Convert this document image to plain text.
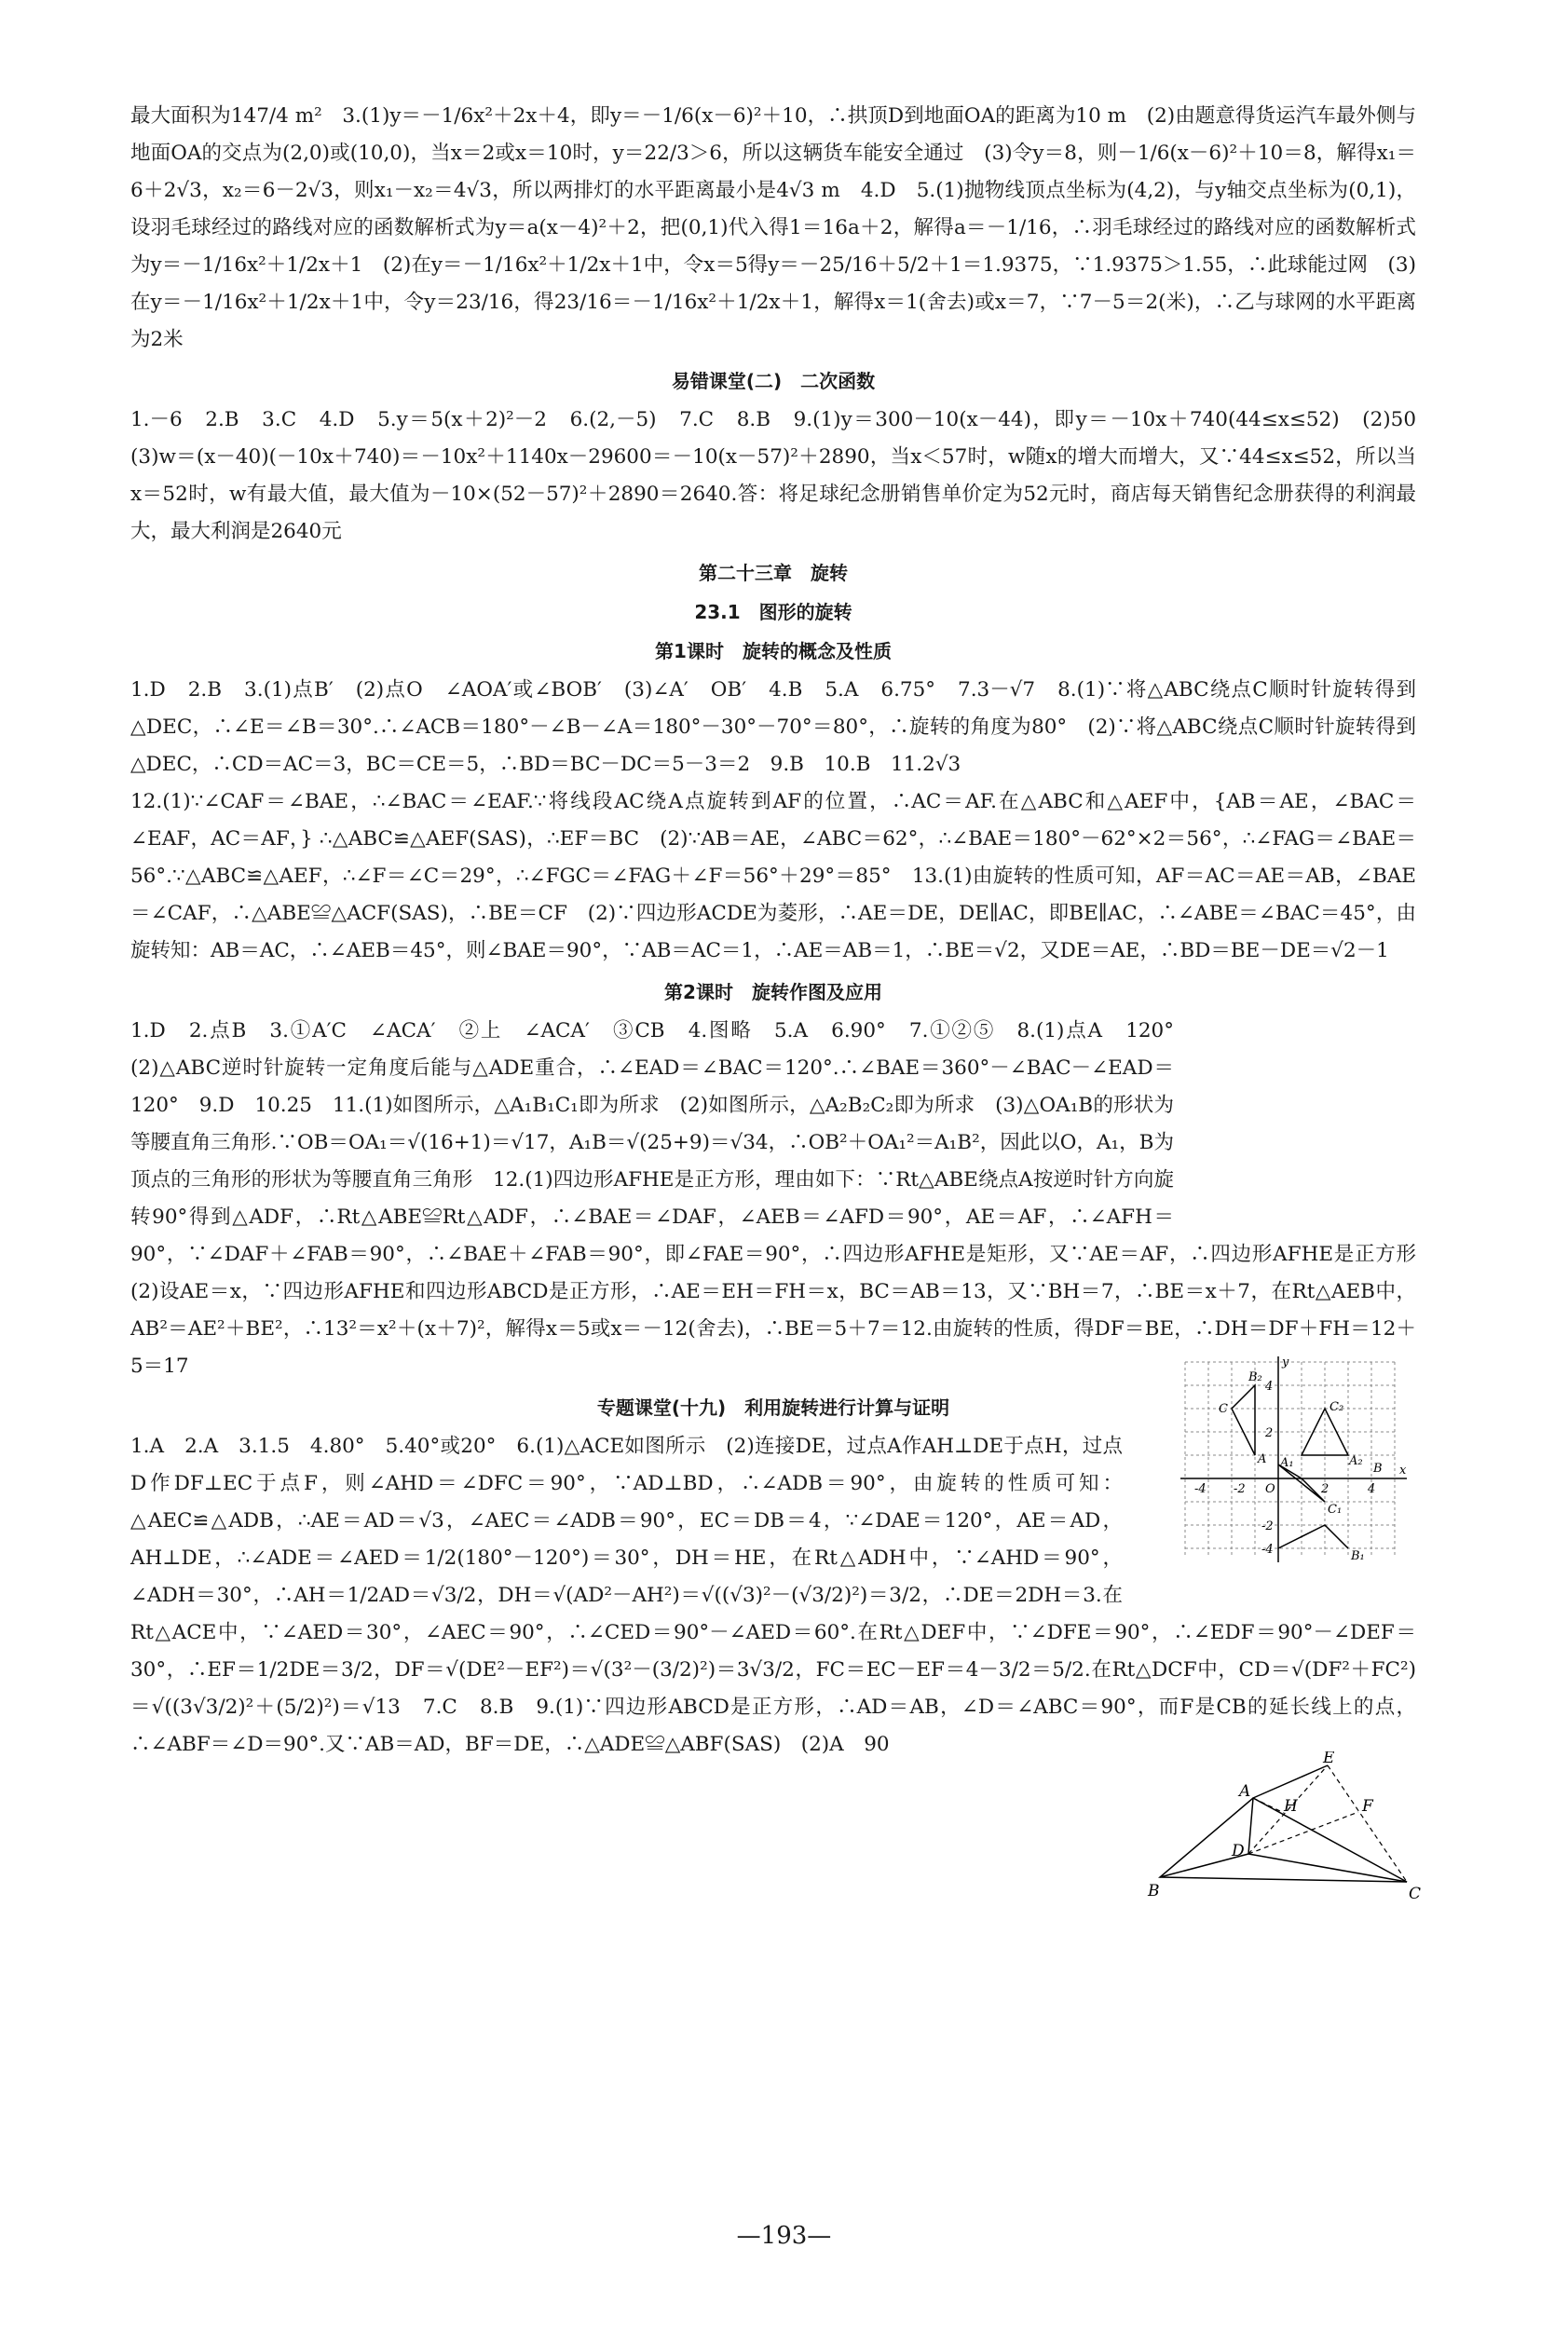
最大面积为147/4 m²　3.(1)y＝－1/6x²＋2x＋4，即y＝－1/6(x－6)²＋10，∴拱顶D到地面OA的距离为10 m　(2)由题意得货运汽车最外侧与地面OA的交点为(2,0)或(10,0)，当x＝2或x＝10时，y＝22/3＞6，所以这辆货车能安全通过　(3)令y＝8，则－1/6(x－6)²＋10＝8，解得x₁＝6＋2√3，x₂＝6－2√3，则x₁－x₂＝4√3，所以两排灯的水平距离最小是4√3 m　4.D　5.(1)抛物线顶点坐标为(4,2)，与y轴交点坐标为(0,1)，设羽毛球经过的路线对应的函数解析式为y＝a(x－4)²＋2，把(0,1)代入得1＝16a＋2，解得a＝－1/16，∴羽毛球经过的路线对应的函数解析式为y＝－1/16x²＋1/2x＋1　(2)在y＝－1/16x²＋1/2x＋1中，令x＝5得y＝－25/16＋5/2＋1＝1.9375，∵1.9375＞1.55，∴此球能过网　(3)在y＝－1/16x²＋1/2x＋1中，令y＝23/16，得23/16＝－1/16x²＋1/2x＋1，解得x＝1(舍去)或x＝7，∵7－5＝2(米)，∴乙与球网的水平距离为2米

易错课堂(二)　二次函数

1.－6　2.B　3.C　4.D　5.y＝5(x＋2)²－2　6.(2,－5)　7.C　8.B　9.(1)y＝300－10(x－44)，即y＝－10x＋740(44≤x≤52)　(2)50　(3)w＝(x－40)(－10x＋740)＝－10x²＋1140x－29600＝－10(x－57)²＋2890，当x＜57时，w随x的增大而增大，又∵44≤x≤52，所以当x＝52时，w有最大值，最大值为－10×(52－57)²＋2890＝2640.答：将足球纪念册销售单价定为52元时，商店每天销售纪念册获得的利润最大，最大利润是2640元

第二十三章　旋转
23.1　图形的旋转
第1课时　旋转的概念及性质

1.D　2.B　3.(1)点B′　(2)点O　∠AOA′或∠BOB′　(3)∠A′　OB′　4.B　5.A　6.75°　7.3－√7　8.(1)∵将△ABC绕点C顺时针旋转得到△DEC，∴∠E＝∠B＝30°.∴∠ACB＝180°－∠B－∠A＝180°－30°－70°＝80°，∴旋转的角度为80°　(2)∵将△ABC绕点C顺时针旋转得到△DEC，∴CD＝AC＝3，BC＝CE＝5，∴BD＝BC－DC＝5－3＝2　9.B　10.B　11.2√3

12.(1)∵∠CAF＝∠BAE，∴∠BAC＝∠EAF.∵将线段AC绕A点旋转到AF的位置，∴AC＝AF.在△ABC和△AEF中，{AB＝AE，∠BAC＝∠EAF，AC＝AF，} ∴△ABC≌△AEF(SAS)，∴EF＝BC　(2)∵AB＝AE，∠ABC＝62°，∴∠BAE＝180°－62°×2＝56°，∴∠FAG＝∠BAE＝56°.∵△ABC≌△AEF，∴∠F＝∠C＝29°，∴∠FGC＝∠FAG＋∠F＝56°＋29°＝85°　13.(1)由旋转的性质可知，AF＝AC＝AE＝AB，∠BAE＝∠CAF，∴△ABE≌△ACF(SAS)，∴BE＝CF　(2)∵四边形ACDE为菱形，∴AE＝DE，DE∥AC，即BE∥AC，∴∠ABE＝∠BAC＝45°，由旋转知：AB＝AC，∴∠AEB＝45°，则∠BAE＝90°，∵AB＝AC＝1，∴AE＝AB＝1，∴BE＝√2，又DE＝AE，∴BD＝BE－DE＝√2－1

第2课时　旋转作图及应用

1.D　2.点B　3.①A′C　∠ACA′　②上　∠ACA′　③CB　4.图略　5.A　6.90°　7.①②⑤　8.(1)点A　120°　(2)△ABC逆时针旋转一定角度后能与△ADE重合，∴∠EAD＝∠BAC＝120°.∴∠BAE＝360°－∠BAC－∠EAD＝120°　9.D　10.25　11.(1)如图所示，△A₁B₁C₁即为所求　(2)如图所示，△A₂B₂C₂即为所求　(3)△OA₁B的形状为等腰直角三角形.∵OB＝OA₁＝√(16+1)＝√17，A₁B＝√(25+9)＝√34，∴OB²＋OA₁²＝A₁B²，因此以O，A₁，B为顶点的三角形的形状为等腰直角三角形　12.(1)四边形AFHE是正方形，理由如下：∵Rt△ABE绕点A按逆时针方向旋转90°得到△ADF，∴Rt△ABE≌Rt△ADF，∴∠BAE＝∠DAF，∠AEB＝∠AFD＝90°，AE＝AF，∴∠AFH＝90°，∵∠DAF＋∠FAB＝90°，∴∠BAE＋∠FAB＝90°，即∠FAE＝90°，∴四边形AFHE是矩形，又∵AE＝AF，∴四边形AFHE是正方形　(2)设AE＝x，∵四边形AFHE和四边形ABCD是正方形，∴AE＝EH＝FH＝x，BC＝AB＝13，又∵BH＝7，∴BE＝x＋7，在Rt△AEB中，AB²＝AE²＋BE²，∴13²＝x²＋(x＋7)²，解得x＝5或x＝－12(舍去)，∴BE＝5＋7＝12.由旋转的性质，得DF＝BE，∴DH＝DF＋FH＝12＋5＝17

专题课堂(十九)　利用旋转进行计算与证明

1.A　2.A　3.1.5　4.80°　5.40°或20°　6.(1)△ACE如图所示　(2)连接DE，过点A作AH⊥DE于点H，过点D作DF⊥EC于点F，则∠AHD＝∠DFC＝90°，∵AD⊥BD，∴∠ADB＝90°，由旋转的性质可知：△AEC≌△ADB，∴AE＝AD＝√3，∠AEC＝∠ADB＝90°，EC＝DB＝4，∵∠DAE＝120°，AE＝AD，AH⊥DE，∴∠ADE＝∠AED＝1/2(180°－120°)＝30°，DH＝HE，在Rt△ADH中，∵∠AHD＝90°，∠ADH＝30°，∴AH＝1/2AD＝√3/2，DH＝√(AD²－AH²)＝√((√3)²－(√3/2)²)＝3/2，∴DE＝2DH＝3.在Rt△ACE中，∵∠AED＝30°，∠AEC＝90°，∴∠CED＝90°－∠AED＝60°.在Rt△DEF中，∵∠DFE＝90°，∴∠EDF＝90°－∠DEF＝30°，∴EF＝1/2DE＝3/2，DF＝√(DE²－EF²)＝√(3²－(3/2)²)＝3√3/2，FC＝EC－EF＝4－3/2＝5/2.在Rt△DCF中，CD＝√(DF²＋FC²)＝√((3√3/2)²＋(5/2)²)＝√13　7.C　8.B　9.(1)∵四边形ABCD是正方形，∴AD＝AB，∠D＝∠ABC＝90°，而F是CB的延长线上的点，∴∠ABF＝∠D＝90°.又∵AB＝AD，BF＝DE，∴△ADE≌△ABF(SAS)　(2)A　90

-4 -2 O	2	4
4
2
-2
-4
x
y
B₂
C
A
C₂
A₂
A₁	B
C₁
B₁
E
A
H	F
D
B	C
—193—
